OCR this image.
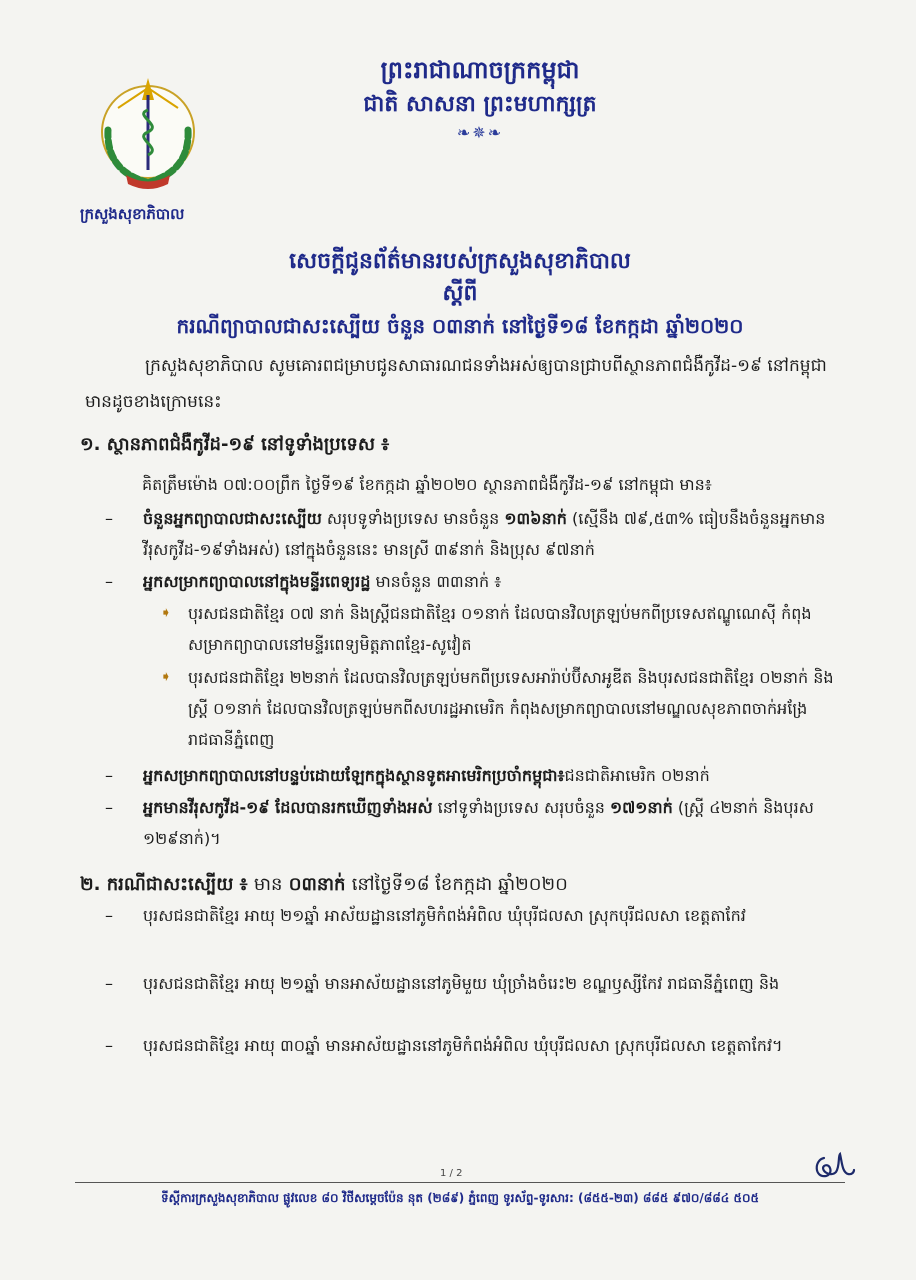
ក្រសួងសុខាភិបាល
ព្រះរាជាណាចក្រកម្ពុជា
ជាតិ សាសនា ព្រះមហាក្សត្រ
❧✵❧
សេចក្តីជូនព័ត៌មានរបស់ក្រសួងសុខាភិបាល
ស្តីពី
ករណីព្យាបាលជាសះស្បើយ ចំនួន ០៣នាក់ នៅថ្ងៃទី១៨ ខែកក្កដា ឆ្នាំ២០២០
ក្រសួងសុខាភិបាល សូមគោរពជម្រាបជូនសាធារណជនទាំងអស់ឲ្យបានជ្រាបពីស្ថានភាពជំងឺកូវីដ-១៩ នៅកម្ពុជា មានដូចខាងក្រោមនេះ
១. ស្ថានភាពជំងឺកូវីដ-១៩ នៅទូទាំងប្រទេស ៖
គិតត្រឹមម៉ោង ០៧:០០ព្រឹក ថ្ងៃទី១៩ ខែកក្កដា ឆ្នាំ២០២០ ស្ថានភាពជំងឺកូវីដ-១៩ នៅកម្ពុជា មាន៖
–	ចំនួនអ្នកព្យាបាលជាសះស្បើយ សរុបទូទាំងប្រទេស មានចំនួន ១៣៦នាក់ (ស្មើនឹង ៧៩,៥៣% ធៀបនឹងចំនួនអ្នកមានវីរុសកូវីដ-១៩ទាំងអស់) នៅក្នុងចំនួននេះ មានស្រី ៣៩នាក់ និងប្រុស ៩៧នាក់
–	អ្នកសម្រាកព្យាបាលនៅក្នុងមន្ទីរពេទ្យរដ្ឋ មានចំនួន ៣៣នាក់ ៖
➧ បុរសជនជាតិខ្មែរ ០៧ នាក់ និងស្ត្រីជនជាតិខ្មែរ ០១នាក់ ដែលបានវិលត្រឡប់មកពីប្រទេសឥណ្ឌូណេស៊ី កំពុងសម្រាកព្យាបាលនៅមន្ទីរពេទ្យមិត្តភាពខ្មែរ-សូវៀត
➧ បុរសជនជាតិខ្មែរ ២២នាក់ ដែលបានវិលត្រឡប់មកពីប្រទេសអារ៉ាប់ប៊ីសាអូឌីត និងបុរសជនជាតិខ្មែរ ០២នាក់ និងស្ត្រី ០១នាក់ ដែលបានវិលត្រឡប់មកពីសហរដ្ឋអាមេរិក កំពុងសម្រាកព្យាបាលនៅមណ្ឌលសុខភាពចាក់អង្រែ រាជធានីភ្នំពេញ
–	អ្នកសម្រាកព្យាបាលនៅបន្ទប់ដោយឡែកក្នុងស្ថានទូតអាមេរិកប្រចាំកម្ពុជា៖ជនជាតិអាមេរិក ០២នាក់
–	អ្នកមានវីរុសកូវីដ-១៩ ដែលបានរកឃើញទាំងអស់ នៅទូទាំងប្រទេស សរុបចំនួន ១៧១នាក់ (ស្ត្រី ៤២នាក់ និងបុរស ១២៩នាក់)។
២. ករណីជាសះស្បើយ ៖ មាន ០៣នាក់ នៅថ្ងៃទី១៨ ខែកក្កដា ឆ្នាំ២០២០
–	បុរសជនជាតិខ្មែរ អាយុ ២១ឆ្នាំ អាស័យដ្ឋាននៅភូមិកំពង់អំពិល ឃុំបុរីជលសា ស្រុកបុរីជលសា ខេត្តតាកែវ
–	បុរសជនជាតិខ្មែរ អាយុ ២១ឆ្នាំ មានអាស័យដ្ឋាននៅភូមិមួយ ឃុំច្រាំងចំរេះ២ ខណ្ឌឫស្សីកែវ រាជធានីភ្នំពេញ និង
–	បុរសជនជាតិខ្មែរ អាយុ ៣០ឆ្នាំ មានអាស័យដ្ឋាននៅភូមិកំពង់អំពិល ឃុំបុរីជលសា ស្រុកបុរីជលសា ខេត្តតាកែវ។
1 / 2
ទីស្តីការក្រសួងសុខាភិបាល ផ្លូវលេខ ៨០ វិថីសម្តេចប៉ែន នុត (២៨៩) ភ្នំពេញ ទូរស័ព្ទ-ទូរសារ: (៨៥៥-២៣) ៨៨៥ ៩៧០/៨៨៤ ៥០៥
